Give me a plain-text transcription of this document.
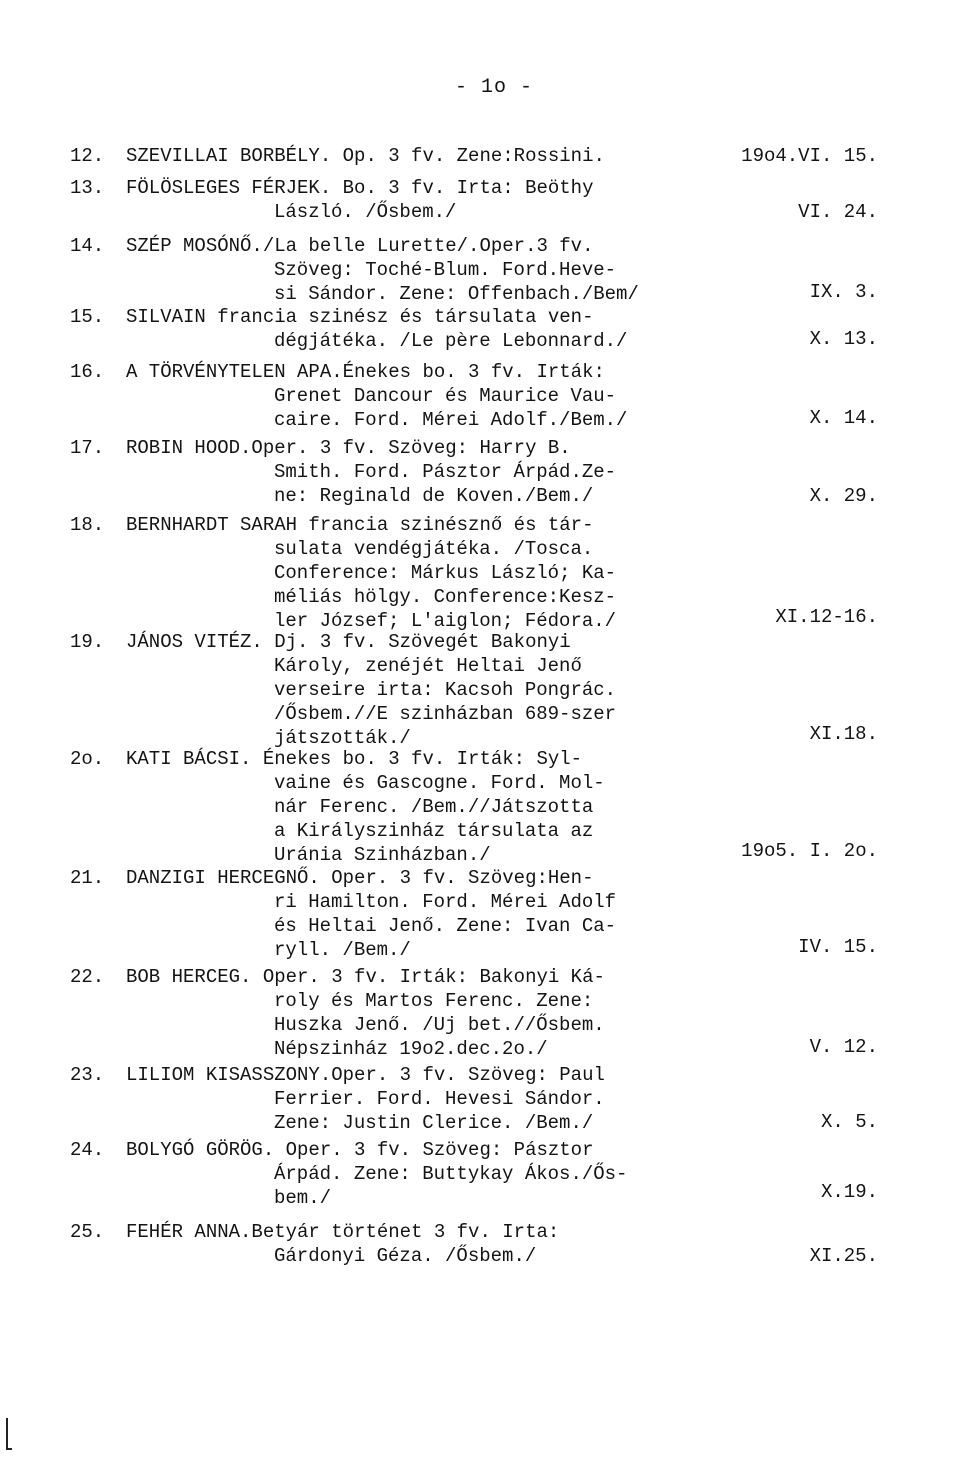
- 1o -
12. SZEVILLAI BORBÉLY. Op. 3 fv. Zene:Rossini.	19o4.VI. 15.
13. FÖLÖSLEGES FÉRJEK. Bo. 3 fv. Irta: Beöthy
László. /Ősbem./	VI. 24.
14. SZÉP MOSÓNŐ./La belle Lurette/.Oper.3 fv.
Szöveg: Toché-Blum. Ford.Heve-
si Sándor. Zene: Offenbach./Bem/	IX. 3.
15. SILVAIN francia szinész és társulata ven-
dégjátéka. /Le père Lebonnard./	X. 13.
16. A TÖRVÉNYTELEN APA.Énekes bo. 3 fv. Irták:
Grenet Dancour és Maurice Vau-
caire. Ford. Mérei Adolf./Bem./	X. 14.
17. ROBIN HOOD.Oper. 3 fv. Szöveg: Harry B.
Smith. Ford. Pásztor Árpád.Ze-
ne: Reginald de Koven./Bem./	X. 29.
18. BERNHARDT SARAH francia szinésznő és tár-
sulata vendégjátéka. /Tosca.
Conference: Márkus László; Ka-
méliás hölgy. Conference:Kesz-
ler József; L'aiglon; Fédora./	XI.12-16.
19. JÁNOS VITÉZ. Dj. 3 fv. Szövegét Bakonyi
Károly, zenéjét Heltai Jenő
verseire irta: Kacsoh Pongrác.
/Ősbem.//E szinházban 689-szer
játszották./	XI.18.
2o. KATI BÁCSI. Énekes bo. 3 fv. Irták: Syl-
vaine és Gascogne. Ford. Mol-
nár Ferenc. /Bem.//Játszotta
a Királyszinház társulata az
Uránia Szinházban./	19o5. I. 2o.
21. DANZIGI HERCEGNŐ. Oper. 3 fv. Szöveg:Hen-
ri Hamilton. Ford. Mérei Adolf
és Heltai Jenő. Zene: Ivan Ca-
ryll. /Bem./	IV. 15.
22. BOB HERCEG. Oper. 3 fv. Irták: Bakonyi Ká-
roly és Martos Ferenc. Zene:
Huszka Jenő. /Uj bet.//Ősbem.
Népszinház 19o2.dec.2o./	V. 12.
23. LILIOM KISASSZONY.Oper. 3 fv. Szöveg: Paul
Ferrier. Ford. Hevesi Sándor.
Zene: Justin Clerice. /Bem./	X. 5.
24. BOLYGÓ GÖRÖG. Oper. 3 fv. Szöveg: Pásztor
Árpád. Zene: Buttykay Ákos./Ős-
bem./	X.19.
25. FEHÉR ANNA.Betyár történet 3 fv. Irta:
Gárdonyi Géza. /Ősbem./	XI.25.
